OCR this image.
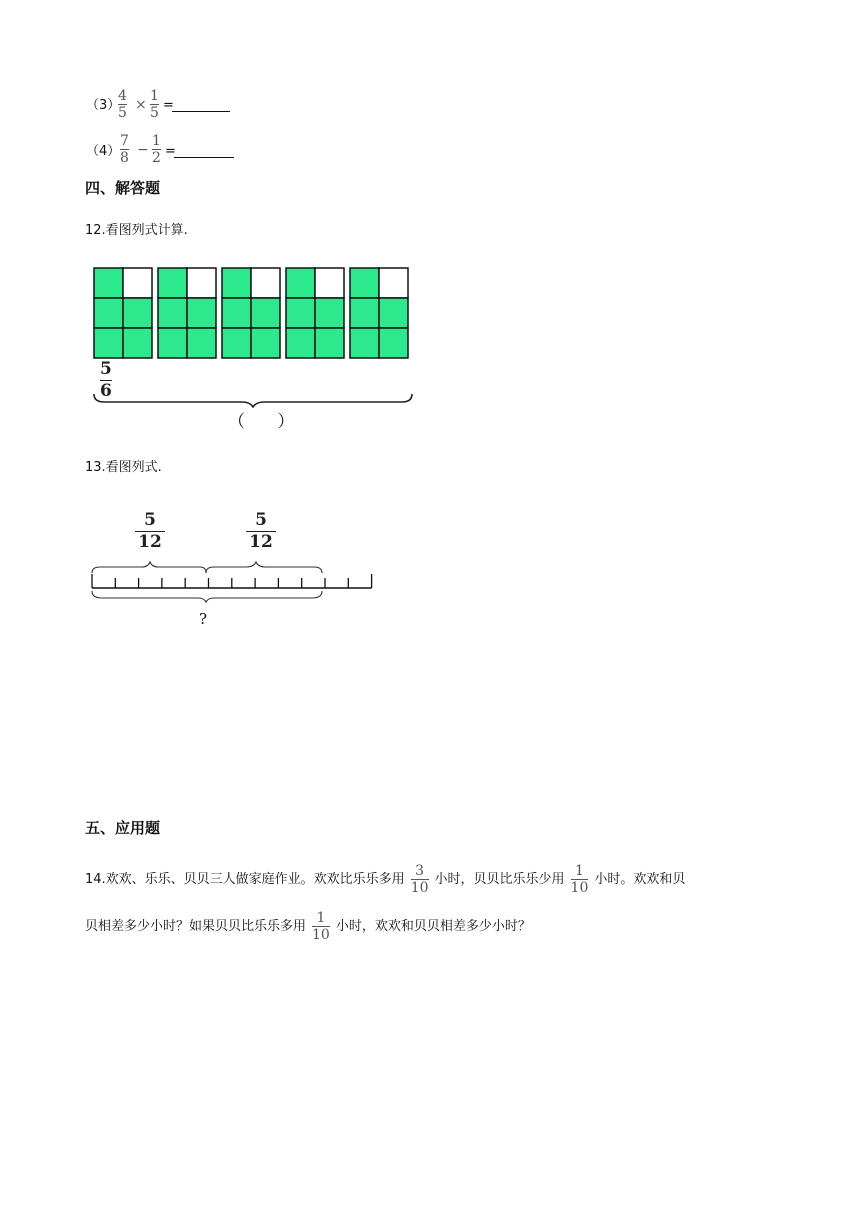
（3）
4
5 ×
1
5 =
（4）
7
8 −
1
2 =
四、解答题
12.看图列式计算.
5
6
（      ）
13.看图列式.
5
12
5
12
?
五、应用题
14.欢欢、乐乐、贝贝三人做家庭作业。欢欢比乐乐多用 $\frac{3}{10}$ 小时，贝贝比乐乐少用 $\frac{1}{10}$ 小时。欢欢和贝
贝相差多少小时？如果贝贝比乐乐多用 $\frac{1}{10}$ 小时，欢欢和贝贝相差多少小时？
